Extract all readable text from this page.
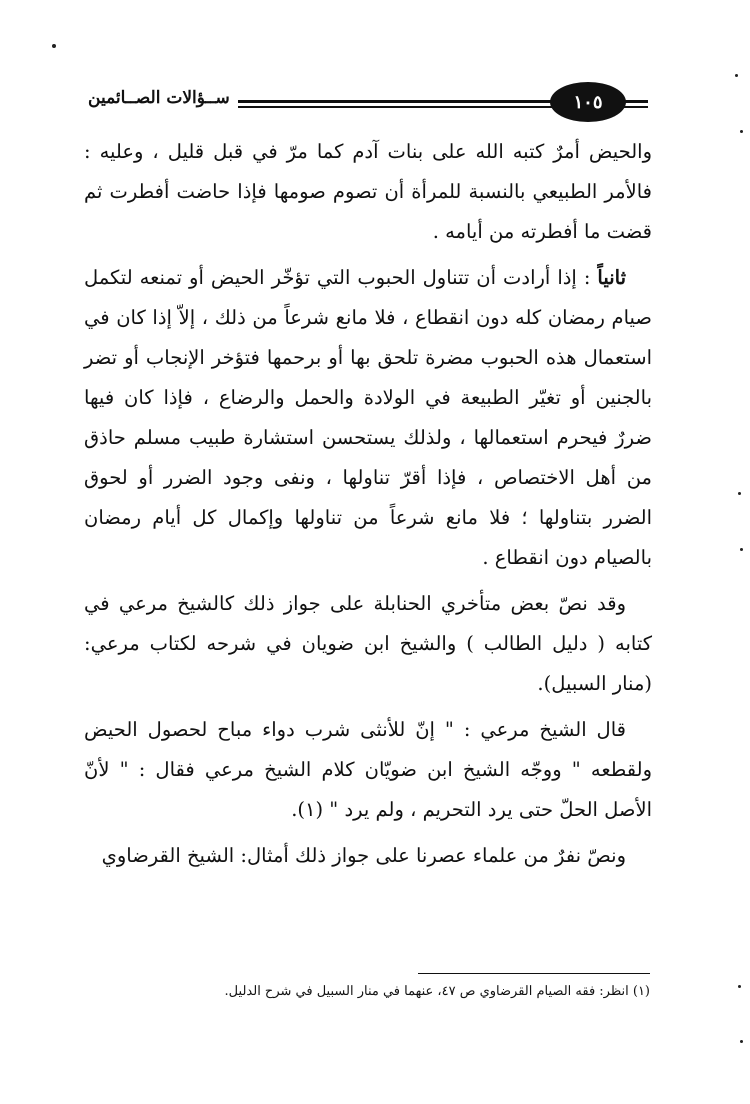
ســؤالات الصــائمين	١٠٥

والحيض أمرٌ كتبه الله على بنات آدم كما مرّ في قبل قليل ، وعليه : فالأمر الطبيعي بالنسبة للمرأة أن تصوم صومها فإذا حاضت أفطرت ثم قضت ما أفطرته من أيامه .

ثانياً : إذا أرادت أن تتناول الحبوب التي تؤخّر الحيض أو تمنعه لتكمل صيام رمضان كله دون انقطاع ، فلا مانع شرعاً من ذلك ، إلاّ إذا كان في استعمال هذه الحبوب مضرة تلحق بها أو برحمها فتؤخر الإنجاب أو تضر بالجنين أو تغيّر الطبيعة في الولادة والحمل والرضاع ، فإذا كان فيها ضررٌ فيحرم استعمالها ، ولذلك يستحسن استشارة طبيب مسلم حاذق من أهل الاختصاص ، فإذا أقرّ تناولها ، ونفى وجود الضرر أو لحوق الضرر بتناولها ؛ فلا مانع شرعاً من تناولها وإكمال كل أيام رمضان بالصيام دون انقطاع .

وقد نصّ بعض متأخري الحنابلة على جواز ذلك كالشيخ مرعي في كتابه ( دليل الطالب ) والشيخ ابن ضويان في شرحه لكتاب مرعي: (منار السبيل).

قال الشيخ مرعي : " إنّ للأنثى شرب دواء مباح لحصول الحيض ولقطعه " ووجّه الشيخ ابن ضويّان كلام الشيخ مرعي فقال : " لأنّ الأصل الحلّ حتى يرد التحريم ، ولم يرد " (١).

ونصّ نفرٌ من علماء عصرنا على جواز ذلك أمثال: الشيخ القرضاوي

(١) انظر: فقه الصيام القرضاوي ص ٤٧، عنهما في منار السبيل في شرح الدليل.
